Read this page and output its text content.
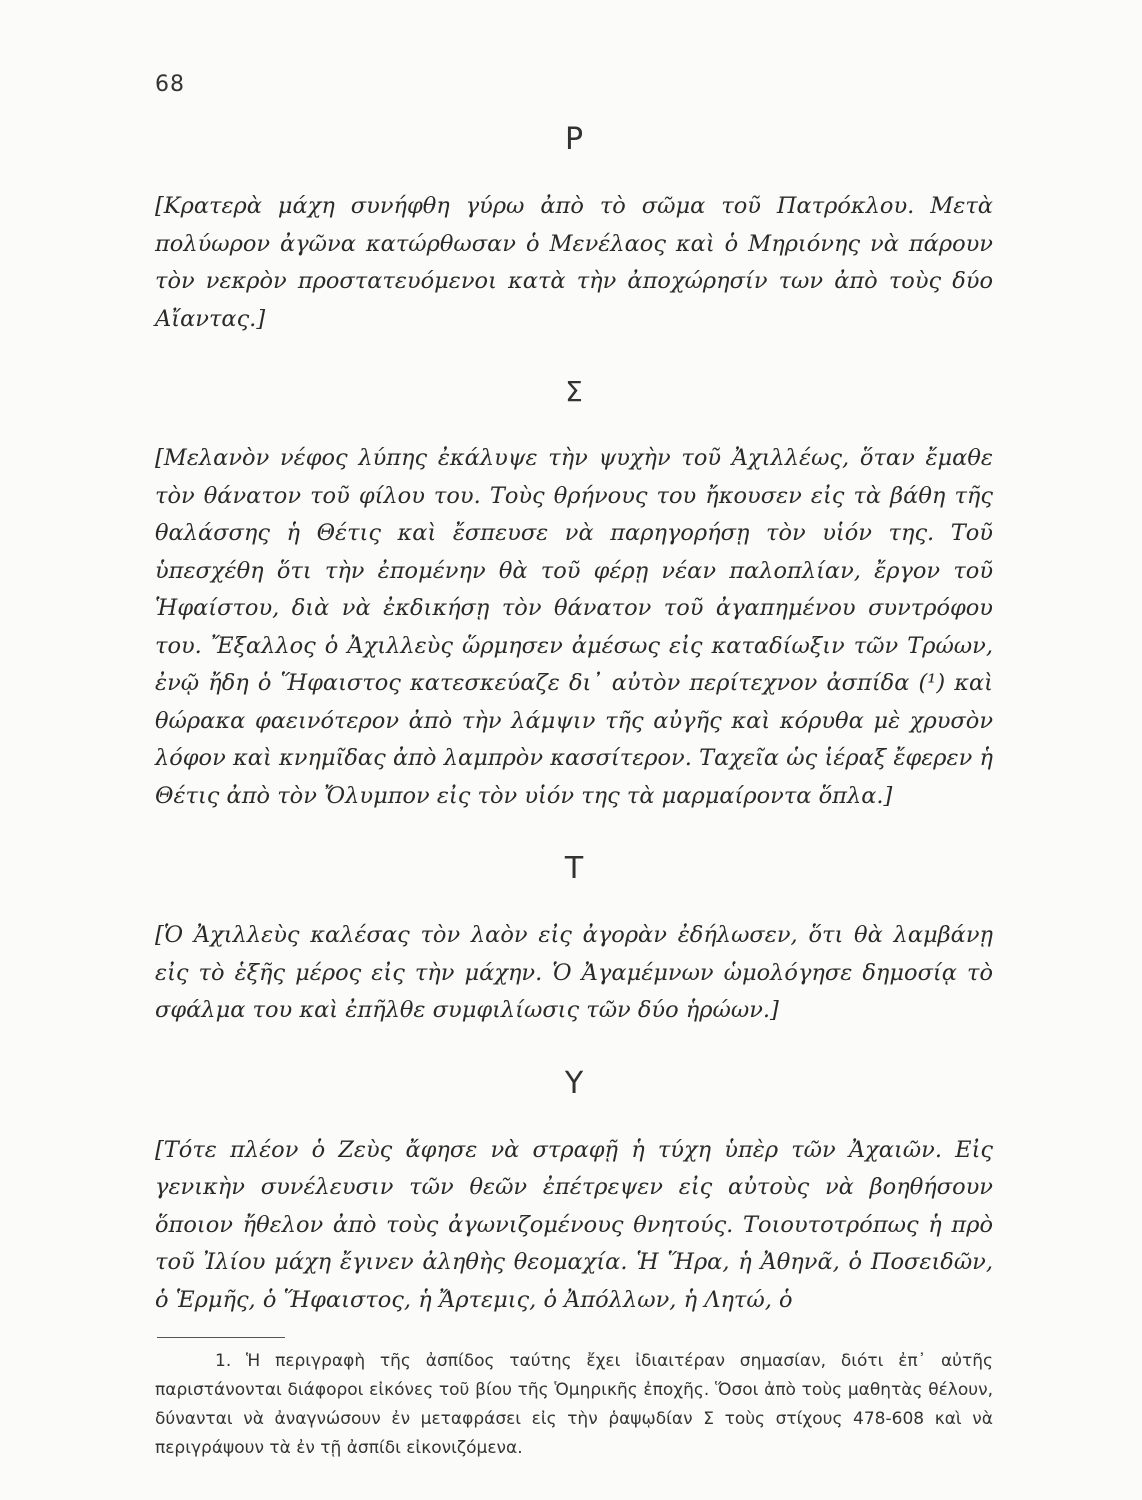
68
Ρ

[Κρατερὰ μάχη συνήφθη γύρω ἀπὸ τὸ σῶμα τοῦ Πατρόκλου. Μετὰ πολύωρον ἀγῶνα κατώρθωσαν ὁ Μενέλαος καὶ ὁ Μηριόνης νὰ πάρουν τὸν νεκρὸν προστατευόμενοι κατὰ τὴν ἀποχώρησίν των ἀπὸ τοὺς δύο Αἴαντας.]

Σ

[Μελανὸν νέφος λύπης ἐκάλυψε τὴν ψυχὴν τοῦ Ἀχιλλέως, ὅταν ἔμαθε τὸν θάνατον τοῦ φίλου του. Τοὺς θρήνους του ἤκουσεν εἰς τὰ βάθη τῆς θαλάσσης ἡ Θέτις καὶ ἔσπευσε νὰ παρηγορήσῃ τὸν υἱόν της. Τοῦ ὑπεσχέθη ὅτι τὴν ἐπομένην θὰ τοῦ φέρῃ νέαν παλοπλίαν, ἔργον τοῦ Ἡφαίστου, διὰ νὰ ἐκδικήσῃ τὸν θάνατον τοῦ ἀγαπημένου συντρόφου του. Ἔξαλλος ὁ Ἀχιλλεὺς ὥρμησεν ἀμέσως εἰς καταδίωξιν τῶν Τρώων, ἐνῷ ἤδη ὁ Ἥφαιστος κατεσκεύαζε δι᾽ αὐτὸν περίτεχνον ἀσπίδα (¹) καὶ θώρακα φαεινότερον ἀπὸ τὴν λάμψιν τῆς αὐγῆς καὶ κόρυθα μὲ χρυσὸν λόφον καὶ κνημῖδας ἀπὸ λαμπρὸν κασσίτερον. Ταχεῖα ὡς ἱέραξ ἔφερεν ἡ Θέτις ἀπὸ τὸν Ὄλυμπον εἰς τὸν υἱόν της τὰ μαρμαίροντα ὅπλα.]

Τ

[Ὁ Ἀχιλλεὺς καλέσας τὸν λαὸν εἰς ἀγορὰν ἐδήλωσεν, ὅτι θὰ λαμβάνῃ εἰς τὸ ἑξῆς μέρος εἰς τὴν μάχην. Ὁ Ἀγαμέμνων ὡμολόγησε δημοσίᾳ τὸ σφάλμα του καὶ ἐπῆλθε συμφιλίωσις τῶν δύο ἡρώων.]

Υ

[Τότε πλέον ὁ Ζεὺς ἄφησε νὰ στραφῇ ἡ τύχη ὑπὲρ τῶν Ἀχαιῶν. Εἰς γενικὴν συνέλευσιν τῶν θεῶν ἐπέτρεψεν εἰς αὐτοὺς νὰ βοηθήσουν ὅποιον ἤθελον ἀπὸ τοὺς ἀγωνιζομένους θνητούς. Τοιουτοτρόπως ἡ πρὸ τοῦ Ἰλίου μάχη ἔγινεν ἀληθὴς θεομαχία. Ἡ Ἥρα, ἡ Ἀθηνᾶ, ὁ Ποσειδῶν, ὁ Ἑρμῆς, ὁ Ἥφαιστος, ἡ Ἄρτεμις, ὁ Ἀπόλλων, ἡ Λητώ, ὁ

1. Ἡ περιγραφὴ τῆς ἀσπίδος ταύτης ἔχει ἰδιαιτέραν σημασίαν, διότι ἐπ᾽ αὐτῆς παριστάνονται διάφοροι εἰκόνες τοῦ βίου τῆς Ὁμηρικῆς ἐποχῆς. Ὅσοι ἀπὸ τοὺς μαθητὰς θέλουν, δύνανται νὰ ἀναγνώσουν ἐν μεταφράσει εἰς τὴν ῥαψῳδίαν Σ τοὺς στίχους 478-608 καὶ νὰ περιγράψουν τὰ ἐν τῇ ἀσπίδι εἰκονιζόμενα.
